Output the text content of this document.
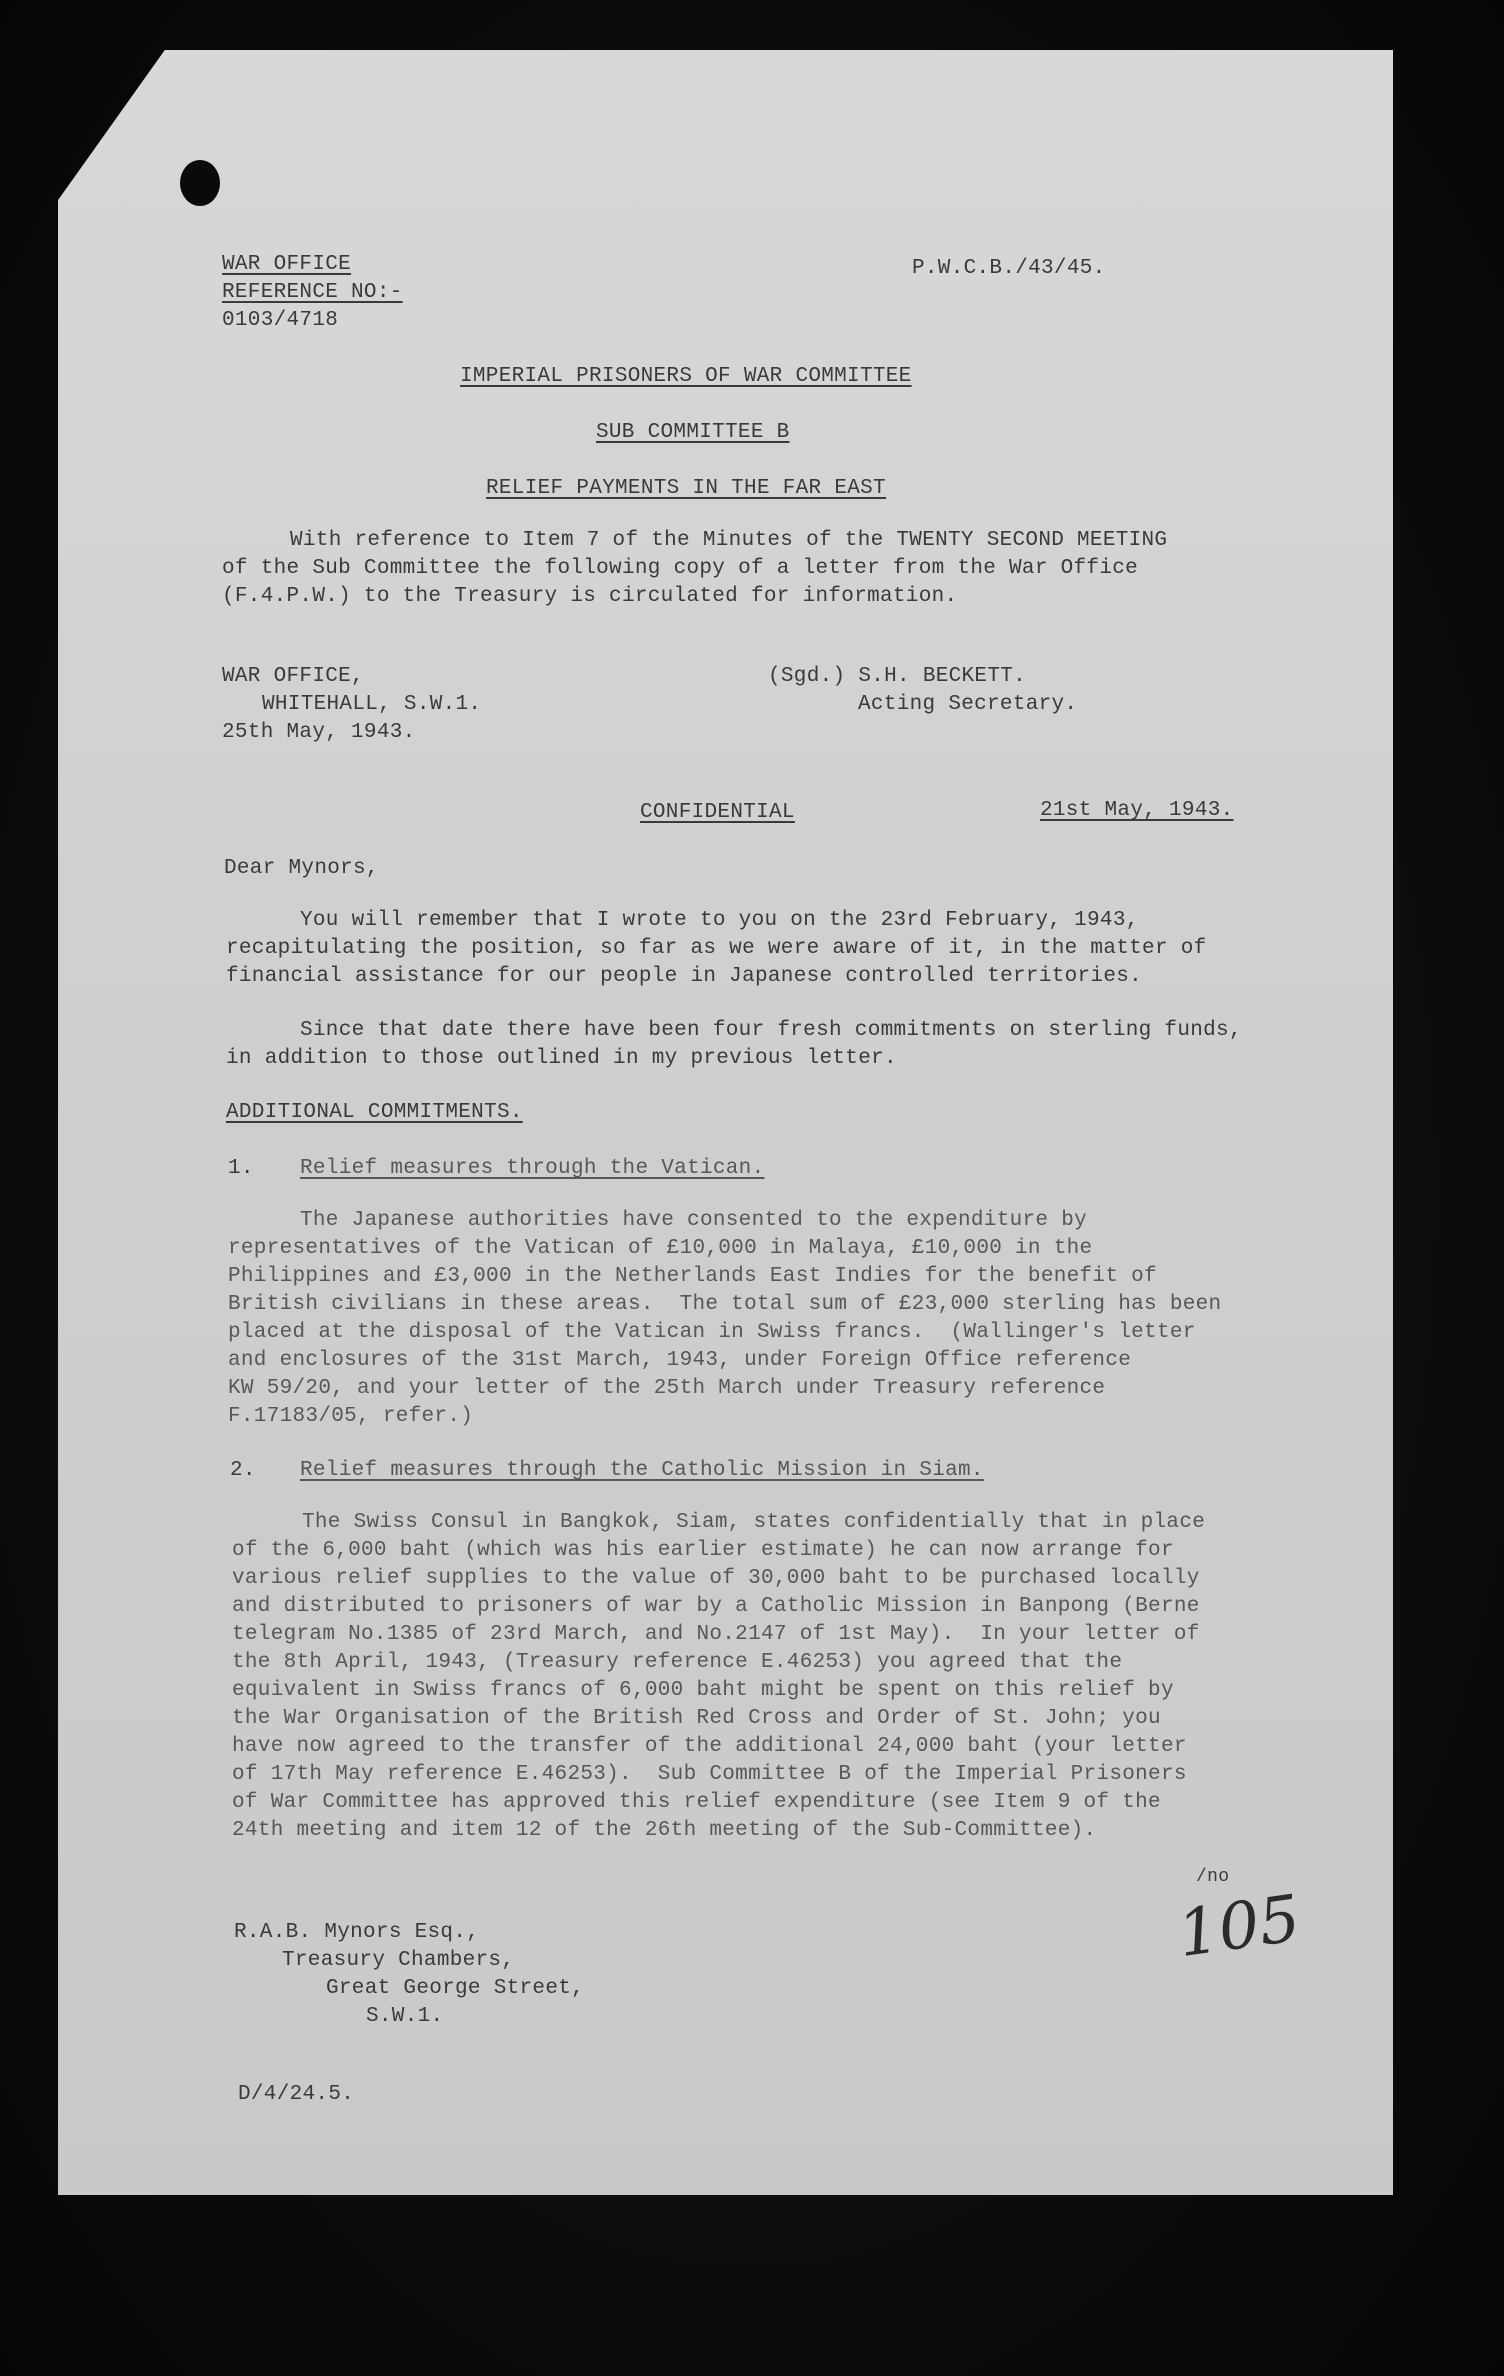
WAR OFFICE
REFERENCE NO:-
0103/4718
P.W.C.B./43/45.
IMPERIAL PRISONERS OF WAR COMMITTEE
SUB COMMITTEE B
RELIEF PAYMENTS IN THE FAR EAST
With reference to Item 7 of the Minutes of the TWENTY SECOND MEETING
of the Sub Committee the following copy of a letter from the War Office
(F.4.P.W.) to the Treasury is circulated for information.
WAR OFFICE,
WHITEHALL, S.W.1.
25th May, 1943.
(Sgd.) S.H. BECKETT.
Acting Secretary.
CONFIDENTIAL	21st May, 1943.
Dear Mynors,
You will remember that I wrote to you on the 23rd February, 1943,
recapitulating the position, so far as we were aware of it, in the matter of
financial assistance for our people in Japanese controlled territories.
Since that date there have been four fresh commitments on sterling funds,
in addition to those outlined in my previous letter.
ADDITIONAL COMMITMENTS.
1. Relief measures through the Vatican.
The Japanese authorities have consented to the expenditure by
representatives of the Vatican of £10,000 in Malaya, £10,000 in the
Philippines and £3,000 in the Netherlands East Indies for the benefit of
British civilians in these areas.  The total sum of £23,000 sterling has been
placed at the disposal of the Vatican in Swiss francs.  (Wallinger's letter
and enclosures of the 31st March, 1943, under Foreign Office reference
KW 59/20, and your letter of the 25th March under Treasury reference
F.17183/05, refer.)
2. Relief measures through the Catholic Mission in Siam.
The Swiss Consul in Bangkok, Siam, states confidentially that in place
of the 6,000 baht (which was his earlier estimate) he can now arrange for
various relief supplies to the value of 30,000 baht to be purchased locally
and distributed to prisoners of war by a Catholic Mission in Banpong (Berne
telegram No.1385 of 23rd March, and No.2147 of 1st May).  In your letter of
the 8th April, 1943, (Treasury reference E.46253) you agreed that the
equivalent in Swiss francs of 6,000 baht might be spent on this relief by
the War Organisation of the British Red Cross and Order of St. John; you
have now agreed to the transfer of the additional 24,000 baht (your letter
of 17th May reference E.46253).  Sub Committee B of the Imperial Prisoners
of War Committee has approved this relief expenditure (see Item 9 of the
24th meeting and item 12 of the 26th meeting of the Sub-Committee).
/no
R.A.B. Mynors Esq.,
Treasury Chambers,
Great George Street,
S.W.1.
105
D/4/24.5.
